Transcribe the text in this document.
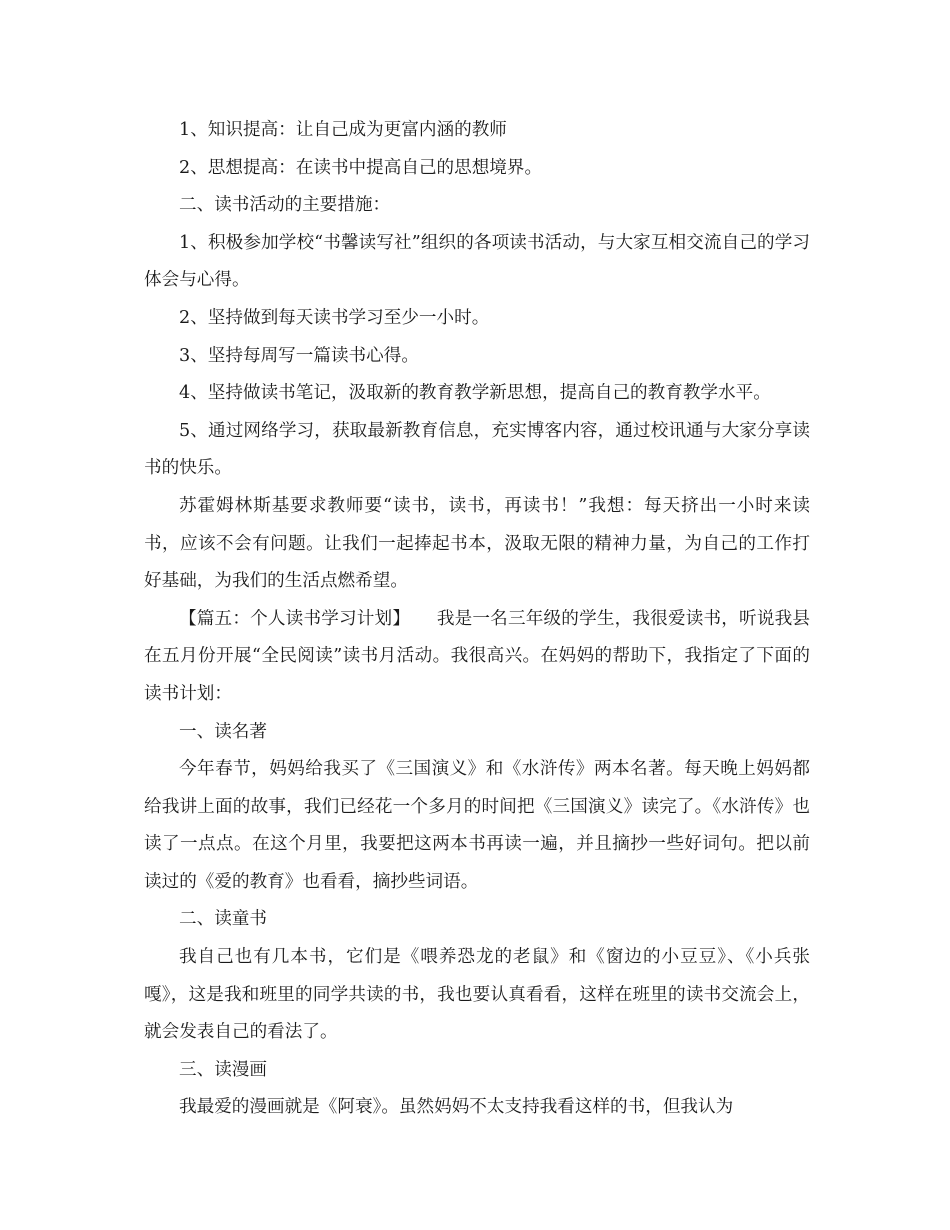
1、知识提高：让自己成为更富内涵的教师

2、思想提高：在读书中提高自己的思想境界。

二、读书活动的主要措施：

1、积极参加学校“书馨读写社”组织的各项读书活动，与大家互相交流自己的学习体会与心得。

2、坚持做到每天读书学习至少一小时。

3、坚持每周写一篇读书心得。

4、坚持做读书笔记，汲取新的教育教学新思想，提高自己的教育教学水平。

5、通过网络学习，获取最新教育信息，充实博客内容，通过校讯通与大家分享读书的快乐。

苏霍姆林斯基要求教师要“读书，读书，再读书！”我想：每天挤出一小时来读书，应该不会有问题。让我们一起捧起书本，汲取无限的精神力量，为自己的工作打好基础，为我们的生活点燃希望。

【篇五：个人读书学习计划】　　我是一名三年级的学生，我很爱读书，听说我县在五月份开展“全民阅读”读书月活动。我很高兴。在妈妈的帮助下，我指定了下面的读书计划：

一、读名著

今年春节，妈妈给我买了《三国演义》和《水浒传》两本名著。每天晚上妈妈都给我讲上面的故事，我们已经花一个多月的时间把《三国演义》读完了。《水浒传》也读了一点点。在这个月里，我要把这两本书再读一遍，并且摘抄一些好词句。把以前读过的《爱的教育》也看看，摘抄些词语。

二、读童书

我自己也有几本书，它们是《喂养恐龙的老鼠》和《窗边的小豆豆》、《小兵张嘎》，这是我和班里的同学共读的书，我也要认真看看，这样在班里的读书交流会上，就会发表自己的看法了。

三、读漫画

我最爱的漫画就是《阿衰》。虽然妈妈不太支持我看这样的书，但我认为
